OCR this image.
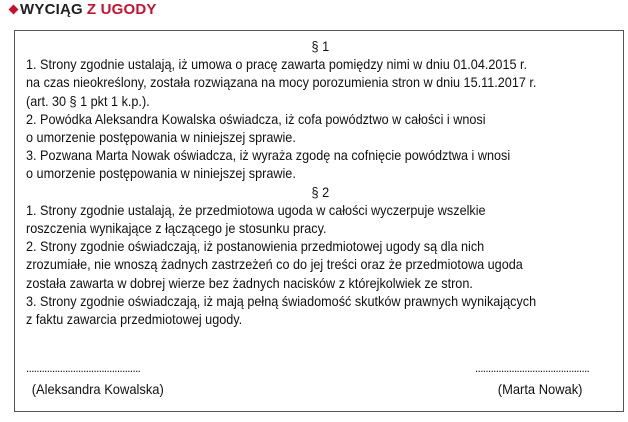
WYCIĄG Z UGODY

§ 1

1. Strony zgodnie ustalają, iż umowa o pracę zawarta pomiędzy nimi w dniu 01.04.2015 r.

na czas nieokreślony, została rozwiązana na mocy porozumienia stron w dniu 15.11.2017 r.

(art. 30 § 1 pkt 1 k.p.).

2. Powódka Aleksandra Kowalska oświadcza, iż cofa powództwo w całości i wnosi

o umorzenie postępowania w niniejszej sprawie.

3. Pozwana Marta Nowak oświadcza, iż wyraża zgodę na cofnięcie powództwa i wnosi

o umorzenie postępowania w niniejszej sprawie.

§ 2

1. Strony zgodnie ustalają, że przedmiotowa ugoda w całości wyczerpuje wszelkie

roszczenia wynikające z łączącego je stosunku pracy.

2. Strony zgodnie oświadczają, iż postanowienia przedmiotowej ugody są dla nich

zrozumiałe, nie wnoszą żadnych zastrzeżeń co do jej treści oraz że przedmiotowa ugoda

została zawarta w dobrej wierze bez żadnych nacisków z którejkolwiek ze stron.

3. Strony zgodnie oświadczają, iż mają pełną świadomość skutków prawnych wynikających

z faktu zawarcia przedmiotowej ugody.

............................................
(Aleksandra Kowalska)
............................................
(Marta Nowak)
